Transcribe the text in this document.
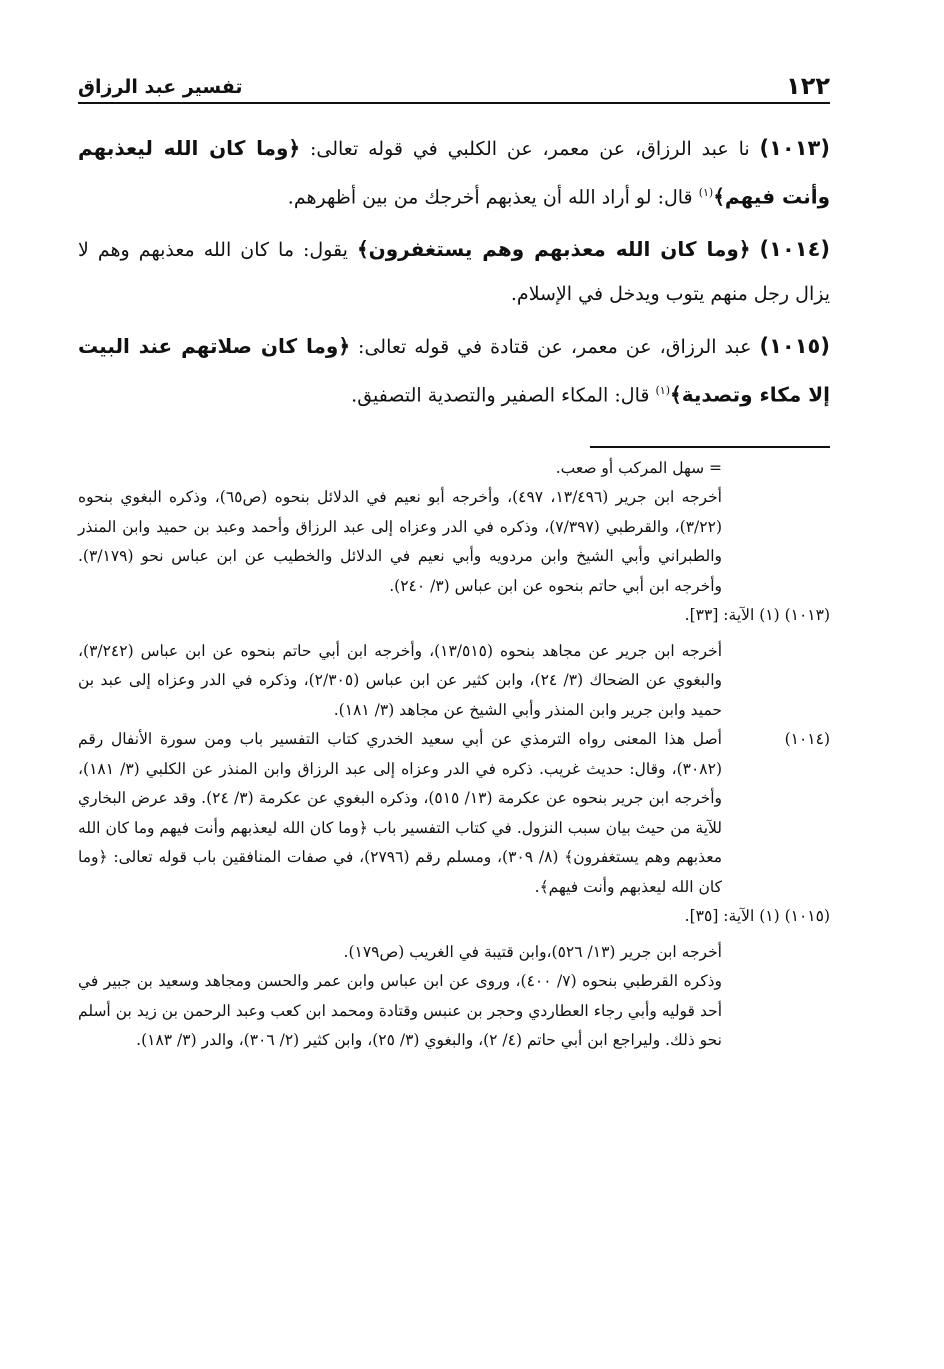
١٢٢
تفسير عبد الرزاق

(١٠١٣) نا عبد الرزاق، عن معمر، عن الكلبي في قوله تعالى: ﴿وما كان الله ليعذبهم وأنت فيهم﴾$^{(١)}$ قال: لو أراد الله أن يعذبهم أخرجك من بين أظهرهم.

(١٠١٤) ﴿وما كان الله معذبهم وهم يستغفرون﴾ يقول: ما كان الله معذبهم وهم لا يزال رجل منهم يتوب ويدخل في الإسلام.

(١٠١٥) عبد الرزاق، عن معمر، عن قتادة في قوله تعالى: ﴿وما كان صلاتهم عند البيت إلا مكاء وتصدية﴾$^{(١)}$ قال: المكاء الصفير والتصدية التصفيق.

= سهل المركب أو صعب.

أخرجه ابن جرير (١٣/٤٩٦، ٤٩٧)، وأخرجه أبو نعيم في الدلائل بنحوه (ص٦٥)، وذكره البغوي بنحوه (٣/٢٢)، والقرطبي (٧/٣٩٧)، وذكره في الدر وعزاه إلى عبد الرزاق وأحمد وعبد بن حميد وابن المنذر والطبراني وأبي الشيخ وابن مردويه وأبي نعيم في الدلائل والخطيب عن ابن عباس نحو (٣/١٧٩). وأخرجه ابن أبي حاتم بنحوه عن ابن عباس (٣/ ٢٤٠).

(١٠١٣) (١) الآية: [٣٣].

أخرجه ابن جرير عن مجاهد بنحوه (١٣/٥١٥)، وأخرجه ابن أبي حاتم بنحوه عن ابن عباس (٣/٢٤٢)، والبغوي عن الضحاك (٣/ ٢٤)، وابن كثير عن ابن عباس (٢/٣٠٥)، وذكره في الدر وعزاه إلى عبد بن حميد وابن جرير وابن المنذر وأبي الشيخ عن مجاهد (٣/ ١٨١).

(١٠١٤)
أصل هذا المعنى رواه الترمذي عن أبي سعيد الخدري كتاب التفسير باب ومن سورة الأنفال رقم (٣٠٨٢)، وقال: حديث غريب. ذكره في الدر وعزاه إلى عبد الرزاق وابن المنذر عن الكلبي (٣/ ١٨١)، وأخرجه ابن جرير بنحوه عن عكرمة (١٣/ ٥١٥)، وذكره البغوي عن عكرمة (٣/ ٢٤). وقد عرض البخاري للآية من حيث بيان سبب النزول. في كتاب التفسير باب ﴿وما كان الله ليعذبهم وأنت فيهم وما كان الله معذبهم وهم يستغفرون﴾ (٨/ ٣٠٩)، ومسلم رقم (٢٧٩٦)، في صفات المنافقين باب قوله تعالى: ﴿وما كان الله ليعذبهم وأنت فيهم﴾.

(١٠١٥) (١) الآية: [٣٥].

أخرجه ابن جرير (١٣/ ٥٢٦)،وابن قتيبة في الغريب (ص١٧٩).

وذكره القرطبي بنحوه (٧/ ٤٠٠)، وروى عن ابن عباس وابن عمر والحسن ومجاهد وسعيد بن جبير في أحد قوليه وأبي رجاء العطاردي وحجر بن عنبس وقتادة ومحمد ابن كعب وعبد الرحمن بن زيد بن أسلم نحو ذلك. وليراجع ابن أبي حاتم (٤/ ٢)، والبغوي (٣/ ٢٥)، وابن كثير (٢/ ٣٠٦)، والدر (٣/ ١٨٣).
